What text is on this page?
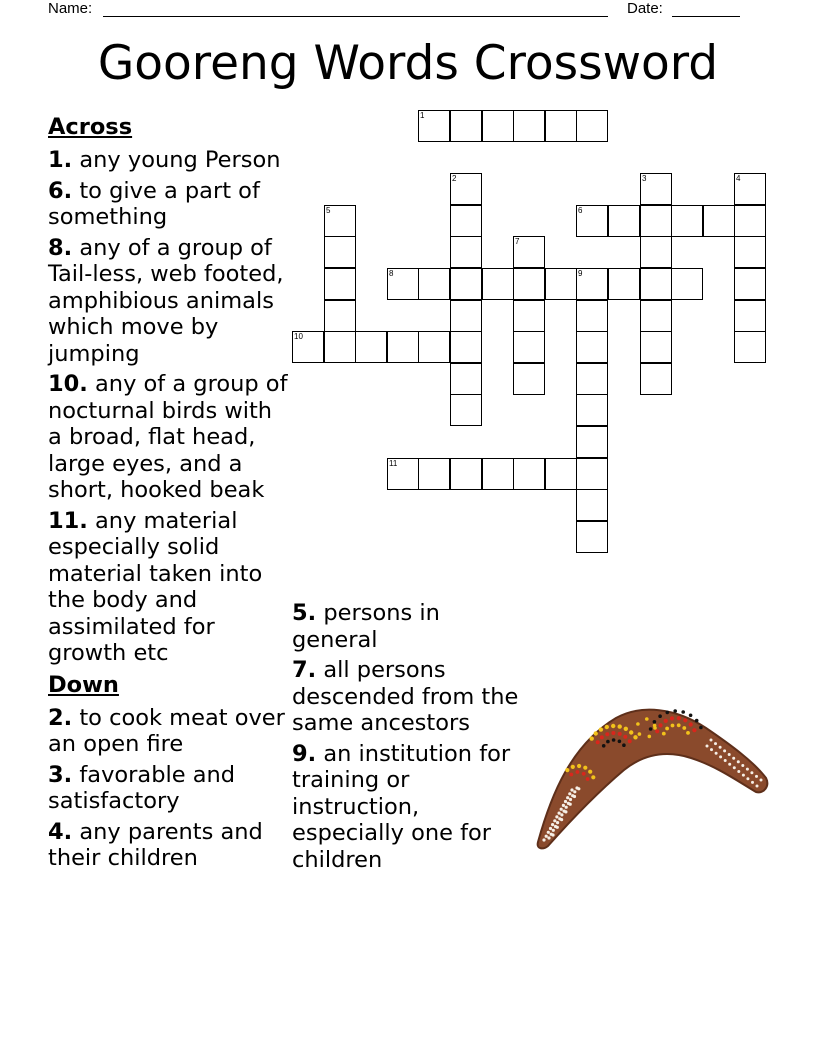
Name:	Date:
Gooreng Words Crossword
1
2	3	4
5	6
7
8	9
10
11
Across
1. any young Person
6. to give a part of something
8. any of a group of Tail-less, web footed, amphibious animals which move by jumping
10. any of a group of nocturnal birds with a broad, flat head, large eyes, and a short, hooked beak
11. any material especially solid material taken into the body and assimilated for growth etc
Down
2. to cook meat over an open fire
3. favorable and satisfactory
4. any parents and their children
5. persons in general
7. all persons descended from the same ancestors
9. an institution for training or instruction, especially one for children
